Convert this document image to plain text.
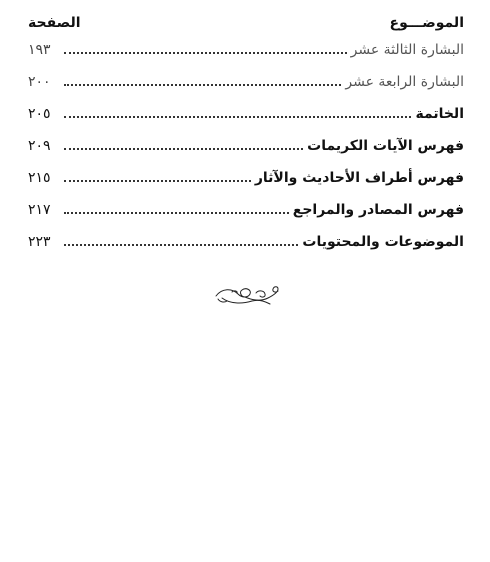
الموضـــوع
الصفحة
البشارة الثالثة عشر
١٩٣
البشارة الرابعة عشر
٢٠٠
الخاتمة
٢٠٥
فهرس الآيات الكريمات
٢٠٩
فهرس أطراف الأحاديث والآثار
٢١٥
فهرس المصادر والمراجع
٢١٧
الموضوعات والمحتويات
٢٢٣
